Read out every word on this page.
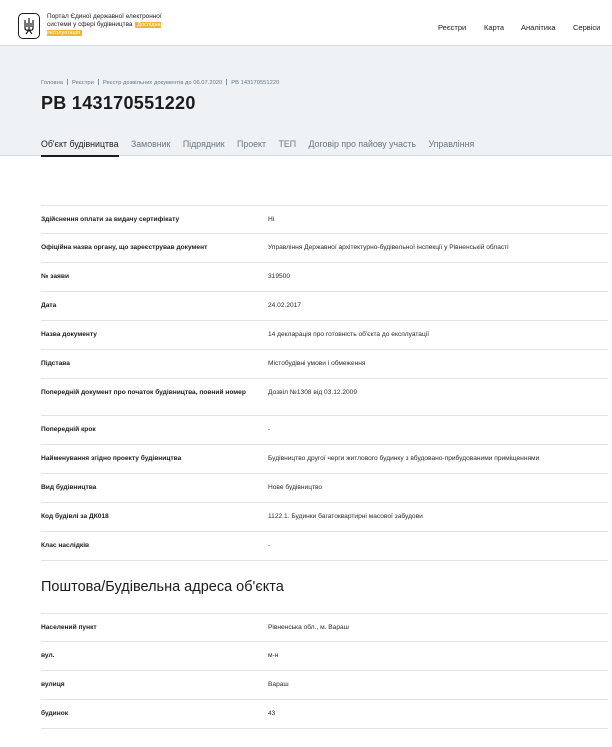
Портал Єдиної державної електронної системи у сфері будівництва Дослідна експлуатація
Реєстри Карта Аналітика Сервіси
Головна Реєстри Реєстр дозвільних документів до 06.07.2020 РВ 143170551220
РВ 143170551220
Об'єкт будівництва Замовник Підрядник Проект ТЕП Договір про пайову участь Управління
Здійснення оплати за видачу сертифікату	Ні
Офіційна назва органу, що зареєстрував документ	Управління Державної архітектурно-будівельної інспекції у Рівненській області
№ заяви	319500
Дата	24.02.2017
Назва документу	14 декларація про готовність об'єкта до експлуатації
Підстава	Містобудівні умови і обмеження
Попередній документ про початок будівництва, повний номер	Дозвіл №1308 від 03.12.2009
Попередній крок	-
Найменування згідно проекту будівництва	Будівництво другої черги житлового будинку з вбудовано-прибудованими приміщеннями
Вид будівництва	Нове будівництво
Код будівлі за ДК018	1122.1. Будинки багатоквартирні масової забудови
Клас наслідків	-
Поштова/Будівельна адреса об'єкта
Населений пункт	Рівненська обл., м. Вараш
вул.	м-н
вулиця	Вараш
будинок	43
